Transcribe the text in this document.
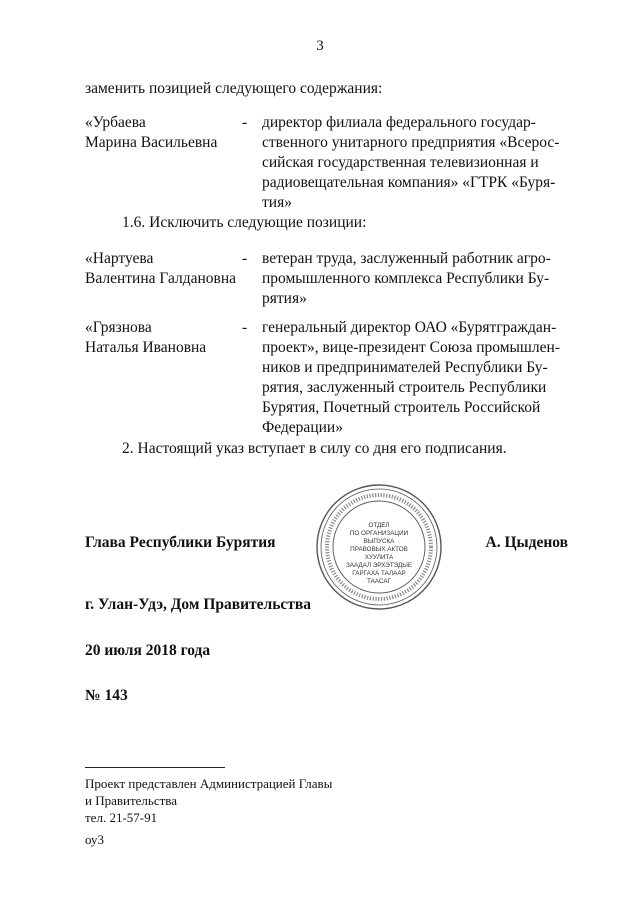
3
заменить позицией следующего содержания:
«Урбаева
Марина Васильевна
- директор филиала федерального государ-
ственного унитарного предприятия «Всерос-
сийская государственная телевизионная и
радиовещательная компания» «ГТРК «Буря-
тия»
1.6. Исключить следующие позиции:
«Нартуева
Валентина Галдановна
- ветеран труда, заслуженный работник агро-
промышленного комплекса Республики Бу-
рятия»
«Грязнова
Наталья Ивановна
- генеральный директор ОАО «Бурятграждан-
проект», вице-президент Союза промышлен-
ников и предпринимателей Республики Бу-
рятия, заслуженный строитель Республики
Бурятия, Почетный строитель Российской
Федерации»
2. Настоящий указ вступает в силу со дня его подписания.
ОТДЕЛ
ПО ОРГАНИЗАЦИИ
ВЫПУСКА
ПРАВОВЫХ АКТОВ
ХУУЛИТА
ЗААДАЛ ЭРХЭТЭДЫЕ
ГАРГАХА ТАЛААР
ТААСАГ
Глава Республики Бурятия	А. Цыденов
г. Улан-Удэ, Дом Правительства
20 июля 2018 года
№ 143
Проект представлен Администрацией Главы
и Правительства
тел. 21-57-91
оу3
